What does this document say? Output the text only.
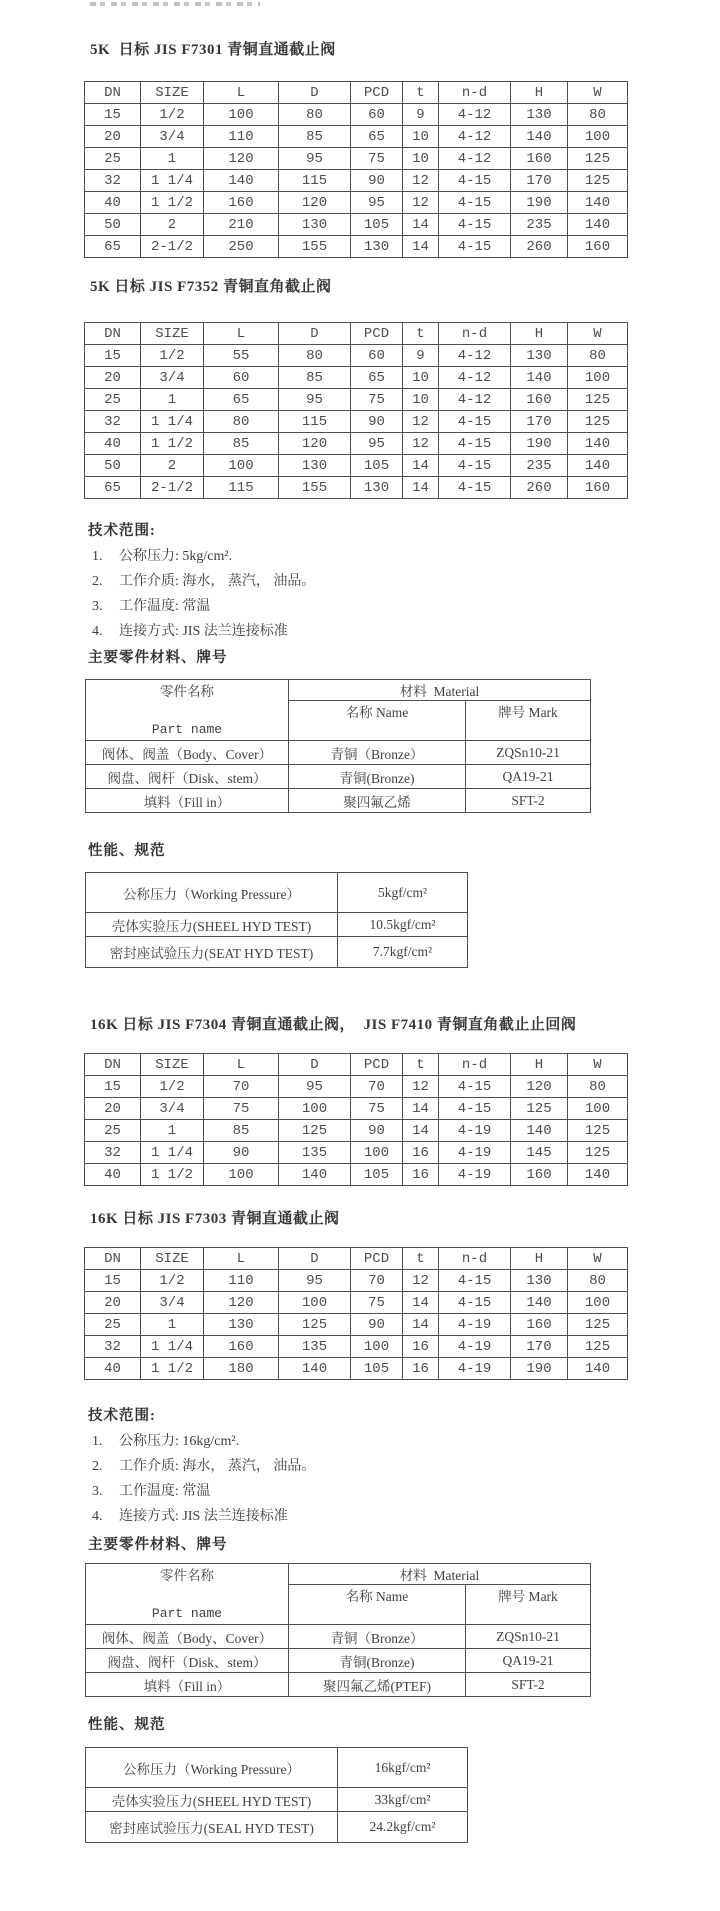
5K  日标 JIS F7301 青铜直通截止阀
DN	SIZE	L	D	PCD	t	n-d	H	W
15	1/2	100	80	60	9	4-12	130	80
20	3/4	110	85	65	10	4-12	140	100
25	1	120	95	75	10	4-12	160	125
32	1 1/4	140	115	90	12	4-15	170	125
40	1 1/2	160	120	95	12	4-15	190	140
50	2	210	130	105	14	4-15	235	140
65	2-1/2	250	155	130	14	4-15	260	160
5K 日标 JIS F7352 青铜直角截止阀
DN	SIZE	L	D	PCD	t	n-d	H	W
15	1/2	55	80	60	9	4-12	130	80
20	3/4	60	85	65	10	4-12	140	100
25	1	65	95	75	10	4-12	160	125
32	1 1/4	80	115	90	12	4-15	170	125
40	1 1/2	85	120	95	12	4-15	190	140
50	2	100	130	105	14	4-15	235	140
65	2-1/2	115	155	130	14	4-15	260	160
技术范围:
1. 公称压力: 5kg/cm².
2. 工作介质: 海水， 蒸汽， 油品。
3. 工作温度: 常温
4. 连接方式: JIS 法兰连接标准
主要零件材料、牌号
零件名称
Part name	材料  Material	
	名称 Name	牌号 Mark
阀体、阀盖（Body、Cover）	青铜（Bronze）	ZQSn10-21
阀盘、阀杆（Disk、stem）	青铜(Bronze)	QA19-21
填料（Fill in）	聚四氟乙烯	SFT-2
性能、规范
公称压力（Working Pressure）	5kgf/cm²
壳体实验压力(SHEEL HYD TEST)	10.5kgf/cm²
密封座试验压力(SEAT HYD TEST)	7.7kgf/cm²
16K 日标 JIS F7304 青铜直通截止阀，  JIS F7410 青铜直角截止止回阀
DN	SIZE	L	D	PCD	t	n-d	H	W
15	1/2	70	95	70	12	4-15	120	80
20	3/4	75	100	75	14	4-15	125	100
25	1	85	125	90	14	4-19	140	125
32	1 1/4	90	135	100	16	4-19	145	125
40	1 1/2	100	140	105	16	4-19	160	140
16K 日标 JIS F7303 青铜直通截止阀
DN	SIZE	L	D	PCD	t	n-d	H	W
15	1/2	110	95	70	12	4-15	130	80
20	3/4	120	100	75	14	4-15	140	100
25	1	130	125	90	14	4-19	160	125
32	1 1/4	160	135	100	16	4-19	170	125
40	1 1/2	180	140	105	16	4-19	190	140
技术范围:
1. 公称压力: 16kg/cm².
2. 工作介质: 海水， 蒸汽， 油品。
3. 工作温度: 常温
4. 连接方式: JIS 法兰连接标准
主要零件材料、牌号
零件名称
Part name	材料  Material	
	名称 Name	牌号 Mark
阀体、阀盖（Body、Cover）	青铜（Bronze）	ZQSn10-21
阀盘、阀杆（Disk、stem）	青铜(Bronze)	QA19-21
填料（Fill in）	聚四氟乙烯(PTEF)	SFT-2
性能、规范
公称压力（Working Pressure）	16kgf/cm²
壳体实验压力(SHEEL HYD TEST)	33kgf/cm²
密封座试验压力(SEAL HYD TEST)	24.2kgf/cm²
